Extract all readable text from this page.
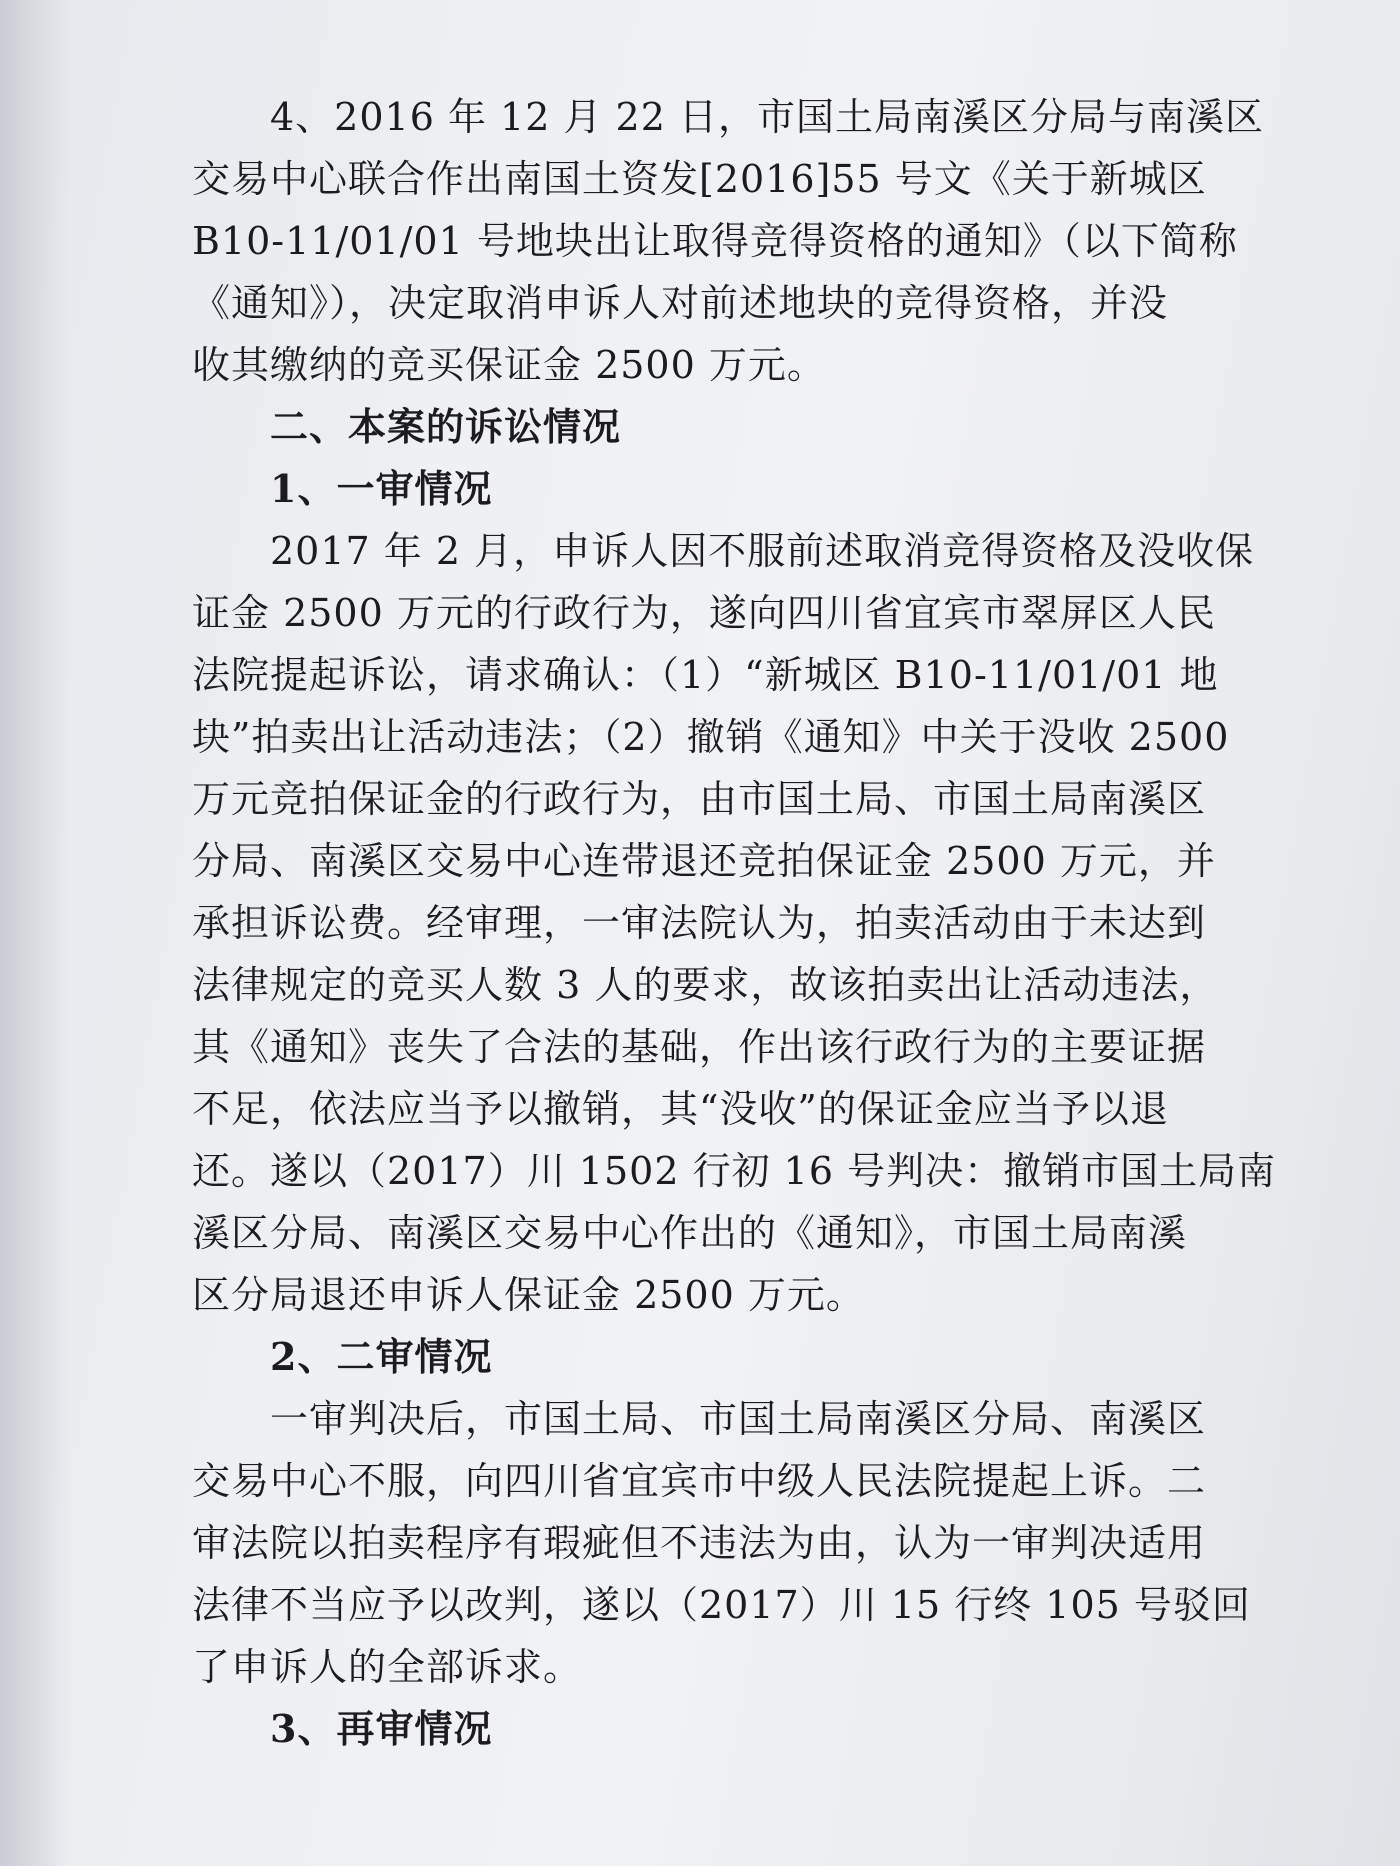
4、2016 年 12 月 22 日，市国土局南溪区分局与南溪区
交易中心联合作出南国土资发[2016]55 号文《关于新城区
B10-11/01/01 号地块出让取得竞得资格的通知》（以下简称
《通知》），决定取消申诉人对前述地块的竞得资格，并没
收其缴纳的竞买保证金 2500 万元。
二、本案的诉讼情况
1、一审情况
2017 年 2 月，申诉人因不服前述取消竞得资格及没收保
证金 2500 万元的行政行为，遂向四川省宜宾市翠屏区人民
法院提起诉讼，请求确认：（1）“新城区 B10-11/01/01 地
块”拍卖出让活动违法；（2）撤销《通知》中关于没收 2500
万元竞拍保证金的行政行为，由市国土局、市国土局南溪区
分局、南溪区交易中心连带退还竞拍保证金 2500 万元，并
承担诉讼费。经审理，一审法院认为，拍卖活动由于未达到
法律规定的竞买人数 3 人的要求，故该拍卖出让活动违法，
其《通知》丧失了合法的基础，作出该行政行为的主要证据
不足，依法应当予以撤销，其“没收”的保证金应当予以退
还。遂以（2017）川 1502 行初 16 号判决：撤销市国土局南
溪区分局、南溪区交易中心作出的《通知》，市国土局南溪
区分局退还申诉人保证金 2500 万元。
2、二审情况
一审判决后，市国土局、市国土局南溪区分局、南溪区
交易中心不服，向四川省宜宾市中级人民法院提起上诉。二
审法院以拍卖程序有瑕疵但不违法为由，认为一审判决适用
法律不当应予以改判，遂以（2017）川 15 行终 105 号驳回
了申诉人的全部诉求。
3、再审情况
